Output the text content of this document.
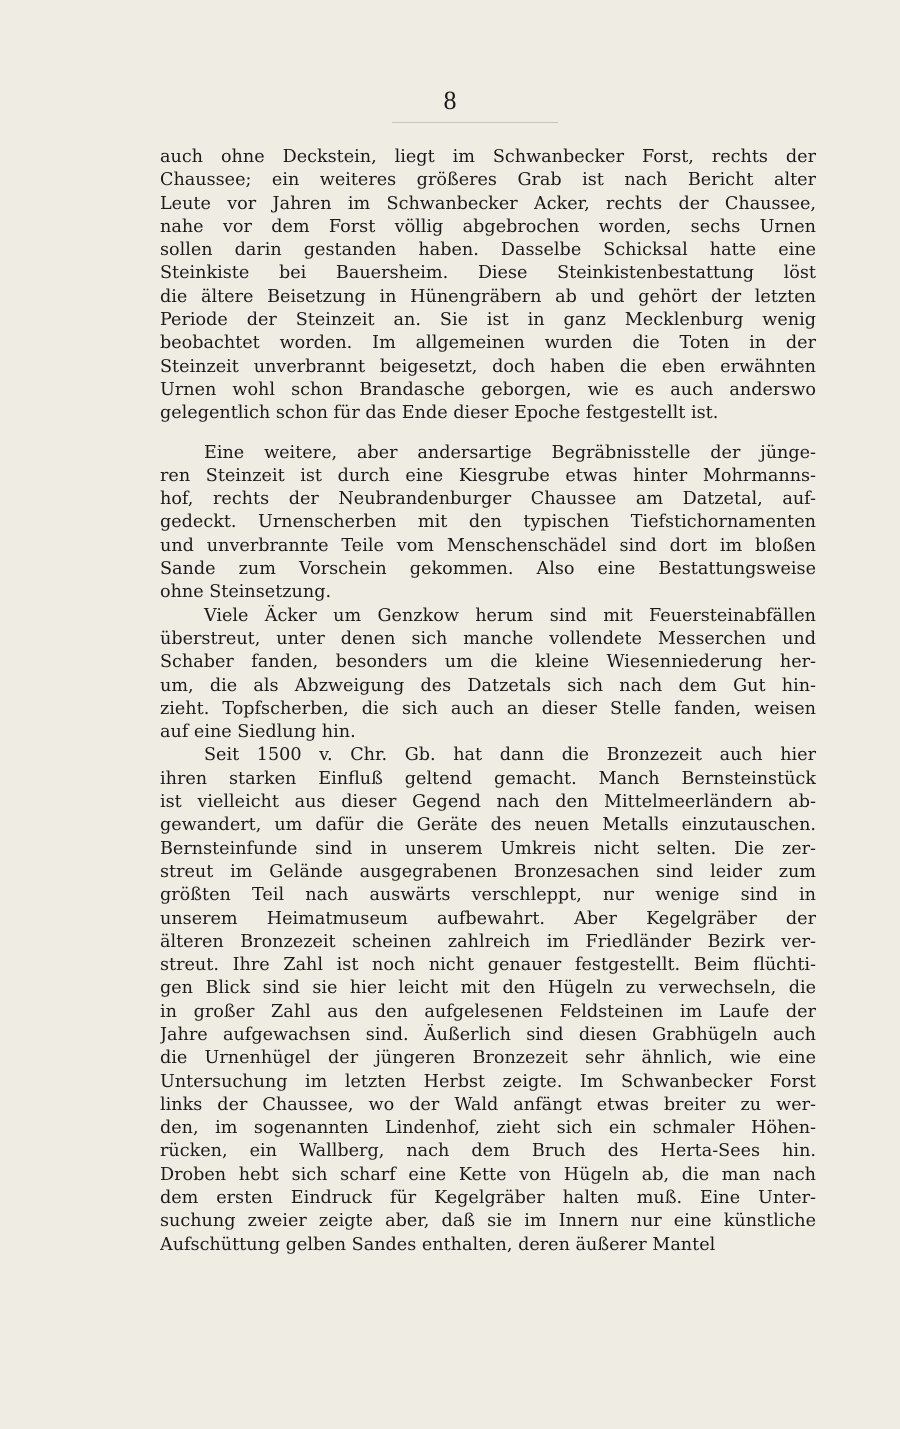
8
auch ohne Deckstein, liegt im Schwanbecker Forst, rechts der
Chaussee; ein weiteres größeres Grab ist nach Bericht alter
Leute vor Jahren im Schwanbecker Acker, rechts der Chaussee,
nahe vor dem Forst völlig abgebrochen worden, sechs Urnen
sollen darin gestanden haben. Dasselbe Schicksal hatte eine
Steinkiste bei Bauersheim. Diese Steinkistenbestattung löst
die ältere Beisetzung in Hünengräbern ab und gehört der letzten
Periode der Steinzeit an. Sie ist in ganz Mecklenburg wenig
beobachtet worden. Im allgemeinen wurden die Toten in der
Steinzeit unverbrannt beigesetzt, doch haben die eben erwähnten
Urnen wohl schon Brandasche geborgen, wie es auch anderswo
gelegentlich schon für das Ende dieser Epoche festgestellt ist.
Eine weitere, aber andersartige Begräbnisstelle der jünge-
ren Steinzeit ist durch eine Kiesgrube etwas hinter Mohrmanns-
hof, rechts der Neubrandenburger Chaussee am Datzetal, auf-
gedeckt. Urnenscherben mit den typischen Tiefstichornamenten
und unverbrannte Teile vom Menschenschädel sind dort im bloßen
Sande zum Vorschein gekommen. Also eine Bestattungsweise
ohne Steinsetzung.
Viele Äcker um Genzkow herum sind mit Feuersteinabfällen
überstreut, unter denen sich manche vollendete Messerchen und
Schaber fanden, besonders um die kleine Wiesenniederung her-
um, die als Abzweigung des Datzetals sich nach dem Gut hin-
zieht. Topfscherben, die sich auch an dieser Stelle fanden, weisen
auf eine Siedlung hin.
Seit 1500 v. Chr. Gb. hat dann die Bronzezeit auch hier
ihren starken Einfluß geltend gemacht. Manch Bernsteinstück
ist vielleicht aus dieser Gegend nach den Mittelmeerländern ab-
gewandert, um dafür die Geräte des neuen Metalls einzutauschen.
Bernsteinfunde sind in unserem Umkreis nicht selten. Die zer-
streut im Gelände ausgegrabenen Bronzesachen sind leider zum
größten Teil nach auswärts verschleppt, nur wenige sind in
unserem Heimatmuseum aufbewahrt. Aber Kegelgräber der
älteren Bronzezeit scheinen zahlreich im Friedländer Bezirk ver-
streut. Ihre Zahl ist noch nicht genauer festgestellt. Beim flüchti-
gen Blick sind sie hier leicht mit den Hügeln zu verwechseln, die
in großer Zahl aus den aufgelesenen Feldsteinen im Laufe der
Jahre aufgewachsen sind. Äußerlich sind diesen Grabhügeln auch
die Urnenhügel der jüngeren Bronzezeit sehr ähnlich, wie eine
Untersuchung im letzten Herbst zeigte. Im Schwanbecker Forst
links der Chaussee, wo der Wald anfängt etwas breiter zu wer-
den, im sogenannten Lindenhof, zieht sich ein schmaler Höhen-
rücken, ein Wallberg, nach dem Bruch des Herta-Sees hin.
Droben hebt sich scharf eine Kette von Hügeln ab, die man nach
dem ersten Eindruck für Kegelgräber halten muß. Eine Unter-
suchung zweier zeigte aber, daß sie im Innern nur eine künstliche
Aufschüttung gelben Sandes enthalten, deren äußerer Mantel
